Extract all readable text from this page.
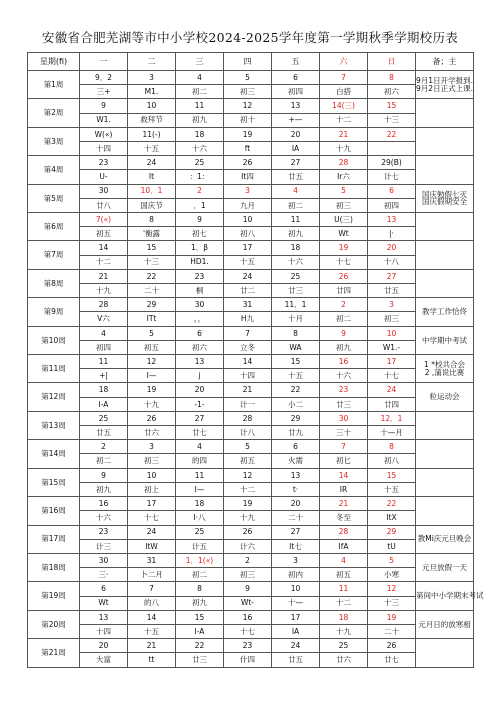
安徽省合肥芜湖等市中小学校2024-2025学年度第一学期秋季学期校历表
星期(fi)	一	二	三	四	五	六	日	备；主
第1周	9．2	3	4	5	6	7	8	9月1日开学报到.
9月2日正式上课.

	三+	M1.	初二	初三	初四	白搭	初六	
第2周	9	10	11	12	13	14(三)	15	
	W1.	救拜节	初九	初十	+—	十二	十三	
第3周	W(«)	11(-)	18	19	20	21	22	
	十四	十五	十六	ft	IA	十九		
第4周	23	24	25	26	27	28	29(B)	
	U-	It	：1：	It四	廿五	Ir六	计七	
第5周	30	10．1	2	3	4	5	6	国庆勉假七灭
国庆假期安全

	廿八	国庆节	．1	九月	初二	初三	初四	
第6周	7(«)	8	9	10	11	U(三)	13	
	初五	'衡露	初七	初八	初九	Wt	|·	
第7周	14	15	1．β	17	18	19	20	
	十二	十三	HD1.	十五	十六	十七	十八	
第8周	21	22	23	24	25	26	27	
	十九	二十	桐	廿二	廿三	廿四	廿五	
第9周	28	29	30	31	11．1	2	3	教学工作恰佟

	V六	ITt	，，	H九	十月	初二	初三	
第10周	4	5	6	7	8	9	10	中学期中考试

	初四	初五	初六	立冬	WA	初九	W1.-	
第11周	11	12	13	14	15	16	17	1 *校共合会
2 ,蒲说比赛

	+|	I—	j	十四	十五	十六	十七	
第12周	18	19	20	21	22	23	24	粒运动会

	I-A	十九	-1-	计一	小二	廿三	廿四	
第13周	25	26	27	28	29	30	12．1	
	廿五	廿六	廿七	计八	廿九	三十	十—月	
第14周	2	3	4	5	6	7	8	
	初二	初三	的四	初五	火需	初匕	初八	
第15周	9	10	11	12	13	14	15	
	初九	初上	I—	十二	t·	IR	十五	
第16周	16	17	18	19	20	21	22	
	十六	十七	I·八	十九	二十	冬至	ItX	
第17周	23	24	25	26	27	28	29	教Mi庆元旦晚会

	计三	ItW	计五	计六	It七	IfA	tU	
第18周	30	31	1．1(«)	2	3	4	5	元旦放假一天

	三·	卜二月	初二	初三	初内	初五	小寒	
第19周	6	7	8	9	10	11	12	第间中小学期末考试

	Wt	的八	初九	Wt-	十—	十二	十三	
第20周	13	14	15	16	17	18	19	元月日的放寒相

	十四	十五	I-A	十七	IA	十九	二十	
第21周	20	21	22	23	24	25	26	
	大富	tt	廿三	什四	廿五	廿六	廿七	
